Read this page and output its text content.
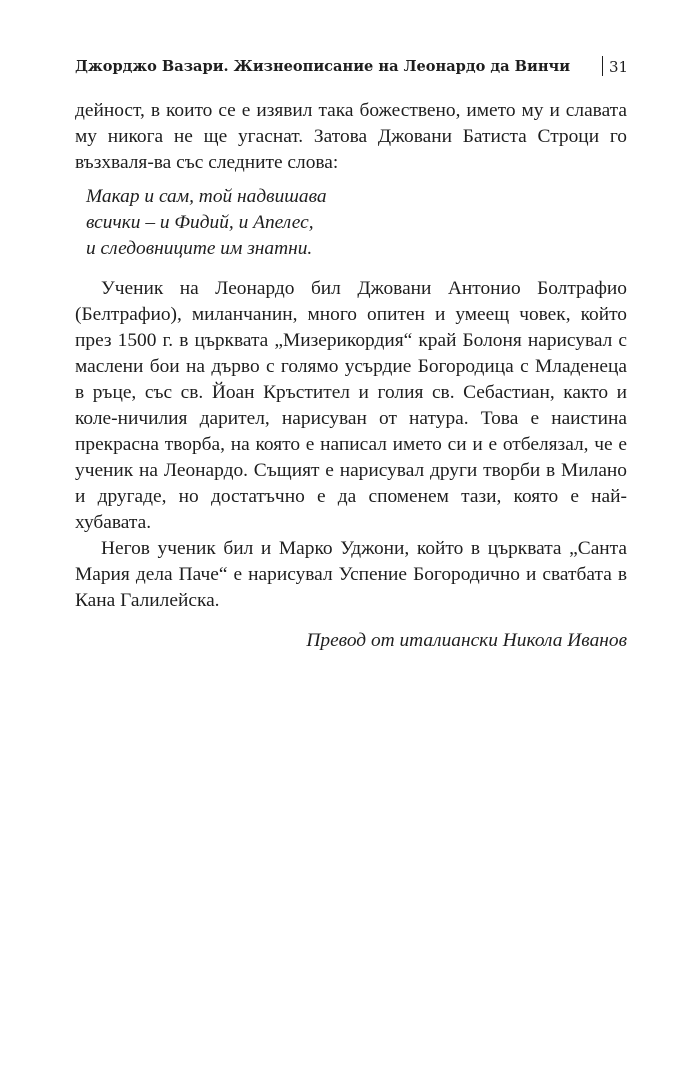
Джорджо Вазари. Жизнеописание на Леонардо да Винчи	31

дейност, в които се е изявил така божествено, името му и славата му никога не ще угаснат. Затова Джовани Батиста Строци го възхваля-ва със следните слова:

Макар и сам, той надвишава
всички – и Фидий, и Апелес,
и следовниците им знатни.

Ученик на Леонардо бил Джовани Антонио Болтрафио (Белтрафио), миланчанин, много опитен и умеещ човек, който през 1500 г. в църквата „Мизерикордия“ край Болоня нарисувал с маслени бои на дърво с голямо усърдие Богородица с Младенеца в ръце, със св. Йоан Кръстител и голия св. Себастиан, както и коле-ничилия дарител, нарисуван от натура. Това е наистина прекрасна творба, на която е написал името си и е отбелязал, че е ученик на Леонардо. Същият е нарисувал други творби в Милано и другаде, но достатъчно е да споменем тази, която е най-хубавата.

Негов ученик бил и Марко Уджони, който в църквата „Санта Мария дела Паче“ е нарисувал Успение Богородично и сватбата в Кана Галилейска.

Превод от италиански Никола Иванов
